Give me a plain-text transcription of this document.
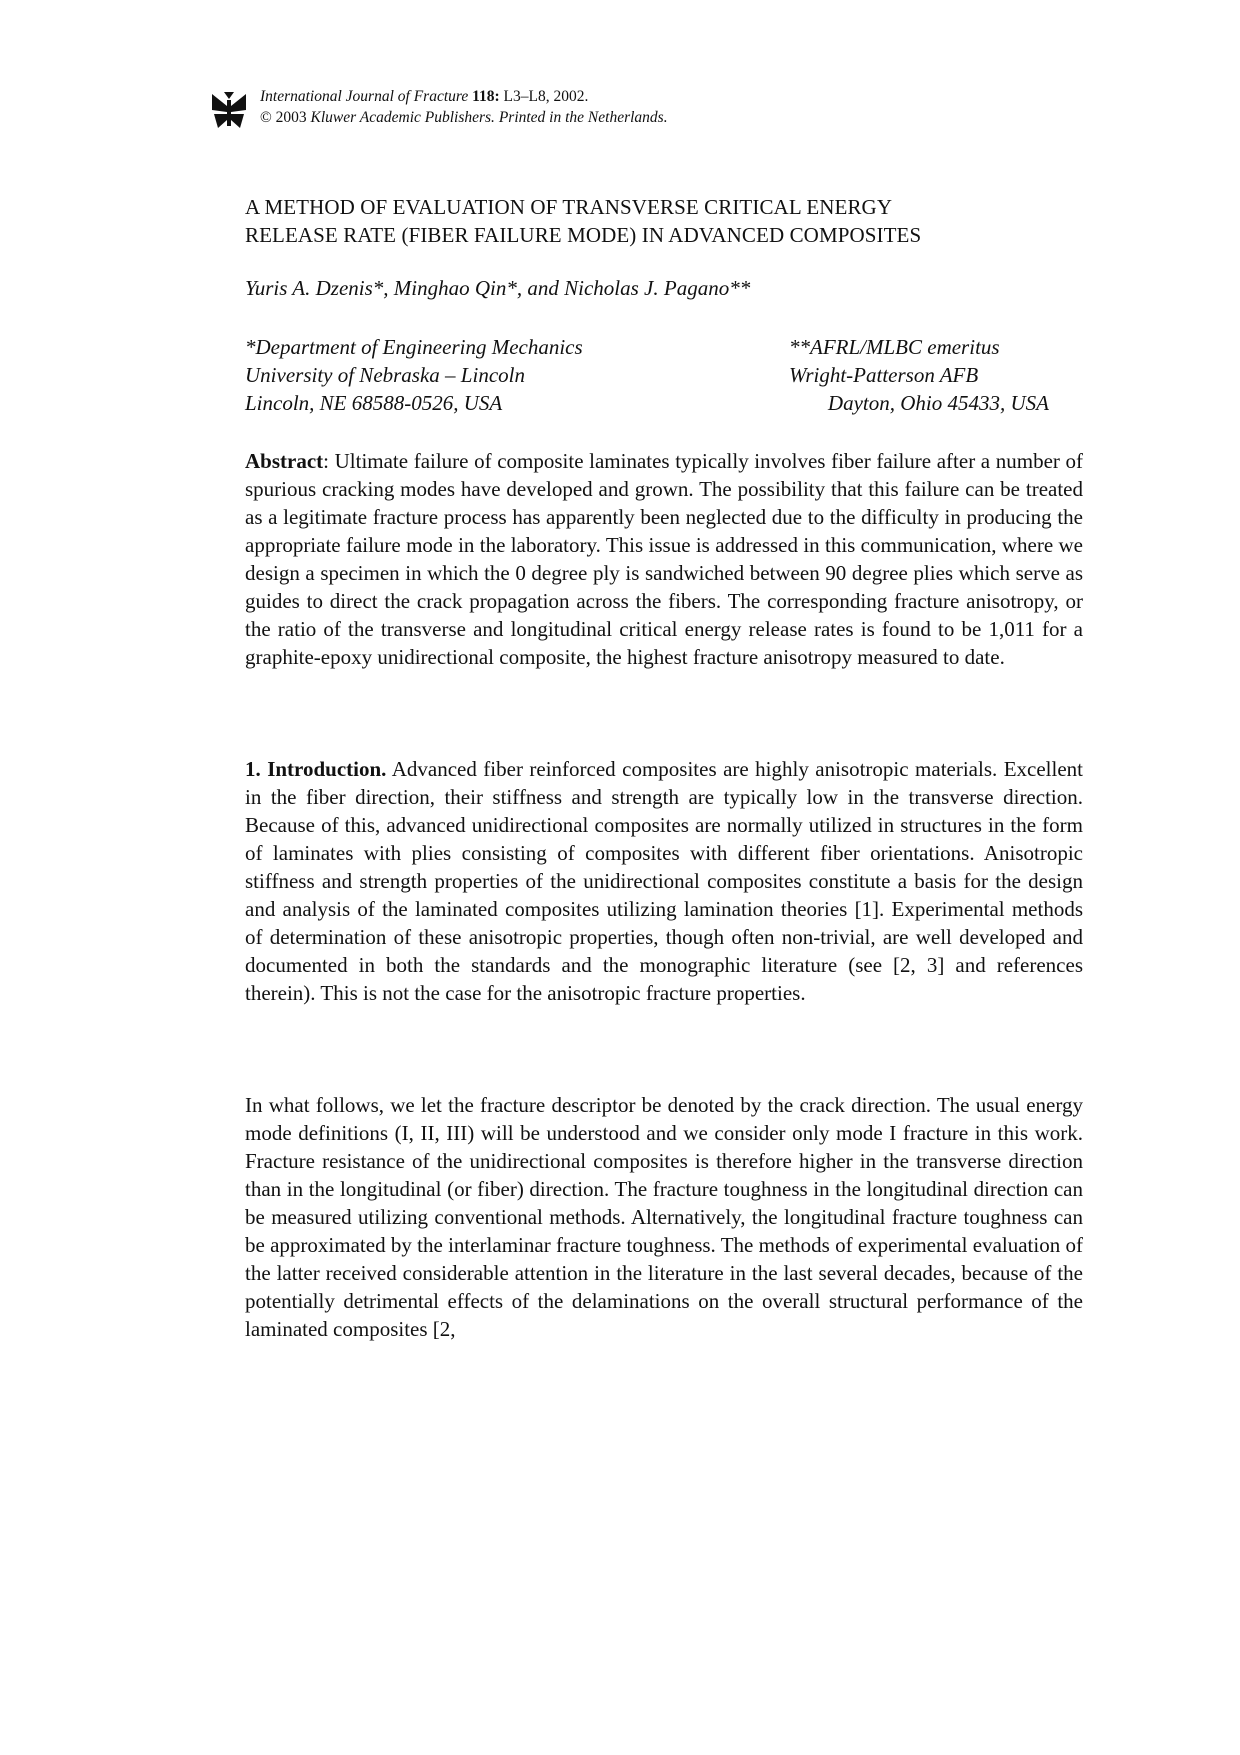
International Journal of Fracture 118: L3–L8, 2002.
© 2003 Kluwer Academic Publishers. Printed in the Netherlands.
A METHOD OF EVALUATION OF TRANSVERSE CRITICAL ENERGY
RELEASE RATE (FIBER FAILURE MODE) IN ADVANCED COMPOSITES
Yuris A. Dzenis*, Minghao Qin*, and Nicholas J. Pagano**
*Department of Engineering Mechanics
University of Nebraska – Lincoln
Lincoln, NE 68588-0526, USA
**AFRL/MLBC emeritus
Wright-Patterson AFB
Dayton, Ohio 45433, USA
Abstract: Ultimate failure of composite laminates typically involves fiber failure after a number of spurious cracking modes have developed and grown. The possibility that this failure can be treated as a legitimate fracture process has apparently been neglected due to the difficulty in producing the appropriate failure mode in the laboratory. This issue is addressed in this communication, where we design a specimen in which the 0 degree ply is sandwiched between 90 degree plies which serve as guides to direct the crack propagation across the fibers. The corresponding fracture anisotropy, or the ratio of the transverse and longitudinal critical energy release rates is found to be 1,011 for a graphite-epoxy unidirectional composite, the highest fracture anisotropy measured to date.
1. Introduction. Advanced fiber reinforced composites are highly anisotropic materials. Excellent in the fiber direction, their stiffness and strength are typically low in the transverse direction. Because of this, advanced unidirectional composites are normally utilized in structures in the form of laminates with plies consisting of composites with different fiber orientations. Anisotropic stiffness and strength properties of the unidirectional composites constitute a basis for the design and analysis of the laminated composites utilizing lamination theories [1]. Experimental methods of determination of these anisotropic properties, though often non-trivial, are well developed and documented in both the standards and the monographic literature (see [2, 3] and references therein). This is not the case for the anisotropic fracture properties.
In what follows, we let the fracture descriptor be denoted by the crack direction. The usual energy mode definitions (I, II, III) will be understood and we consider only mode I fracture in this work. Fracture resistance of the unidirectional composites is therefore higher in the transverse direction than in the longitudinal (or fiber) direction. The fracture toughness in the longitudinal direction can be measured utilizing conventional methods. Alternatively, the longitudinal fracture toughness can be approximated by the interlaminar fracture toughness. The methods of experimental evaluation of the latter received considerable attention in the literature in the last several decades, because of the potentially detrimental effects of the delaminations on the overall structural performance of the laminated composites [2,
